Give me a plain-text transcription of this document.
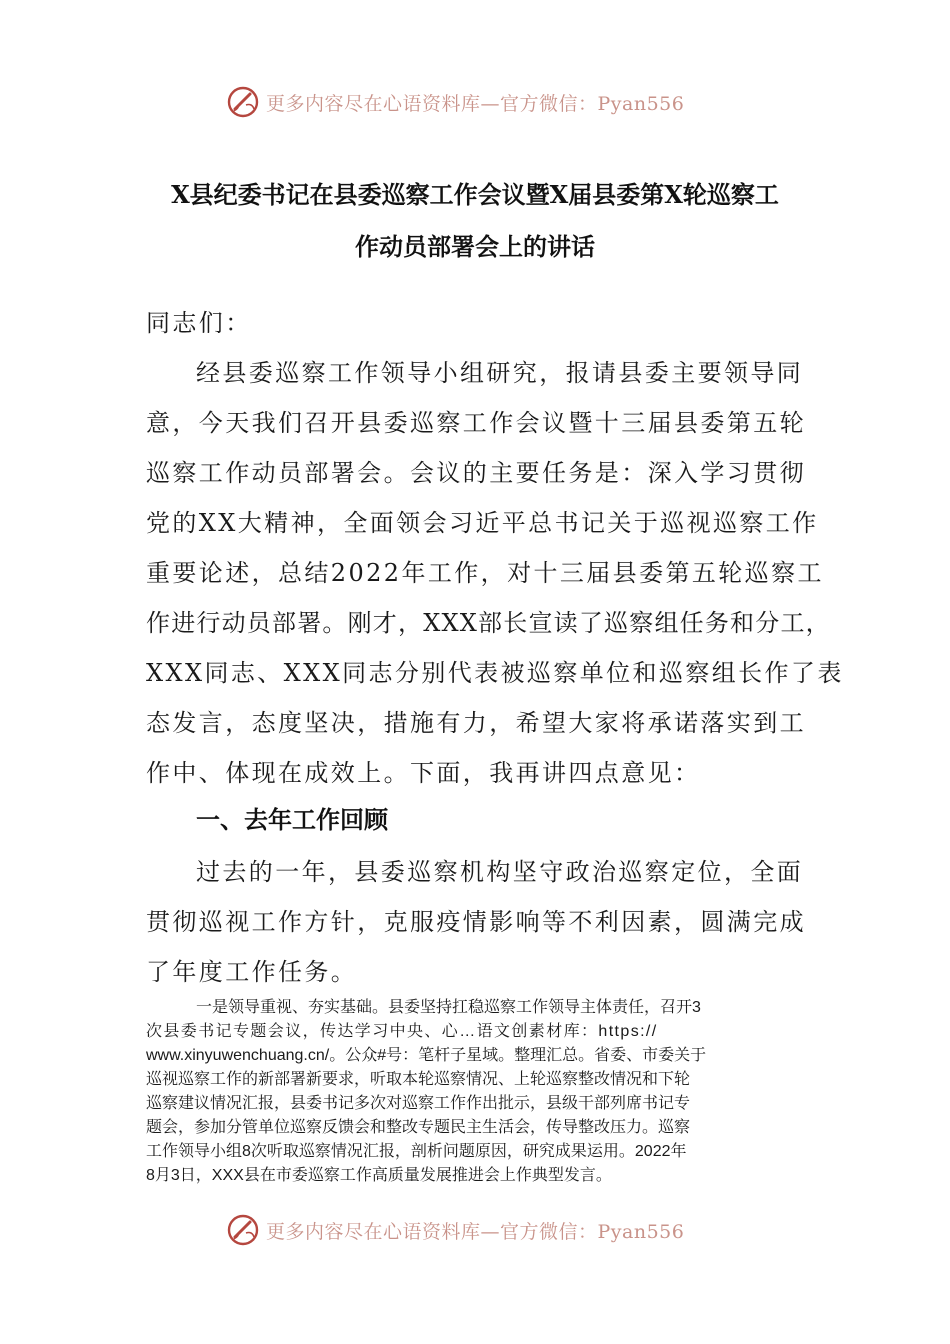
更多内容尽在心语资料库—官方微信：Pyan556
X县纪委书记在县委巡察工作会议暨X届县委第X轮巡察工
作动员部署会上的讲话
同志们：
经县委巡察工作领导小组研究，报请县委主要领导同
意，今天我们召开县委巡察工作会议暨十三届县委第五轮
巡察工作动员部署会。会议的主要任务是：深入学习贯彻
党的XX大精神，全面领会习近平总书记关于巡视巡察工作
重要论述，总结2022年工作，对十三届县委第五轮巡察工
作进行动员部署。刚才，XXX部长宣读了巡察组任务和分工，
XXX同志、XXX同志分别代表被巡察单位和巡察组长作了表
态发言，态度坚决，措施有力，希望大家将承诺落实到工
作中、体现在成效上。下面，我再讲四点意见：
一、去年工作回顾
过去的一年，县委巡察机构坚守政治巡察定位，全面
贯彻巡视工作方针，克服疫情影响等不利因素，圆满完成
了年度工作任务。
一是领导重视、夯实基础。县委坚持扛稳巡察工作领导主体责任，召开3
次县委书记专题会议，传达学习中央、心…语文创素材库：https://
www.xinyuwenchuang.cn/。公众#号：笔杆子星域。整理汇总。省委、市委关于
巡视巡察工作的新部署新要求，听取本轮巡察情况、上轮巡察整改情况和下轮
巡察建议情况汇报，县委书记多次对巡察工作作出批示，县级干部列席书记专
题会，参加分管单位巡察反馈会和整改专题民主生活会，传导整改压力。巡察
工作领导小组8次听取巡察情况汇报，剖析问题原因，研究成果运用。2022年
8月3日，XXX县在市委巡察工作高质量发展推进会上作典型发言。
更多内容尽在心语资料库—官方微信：Pyan556
